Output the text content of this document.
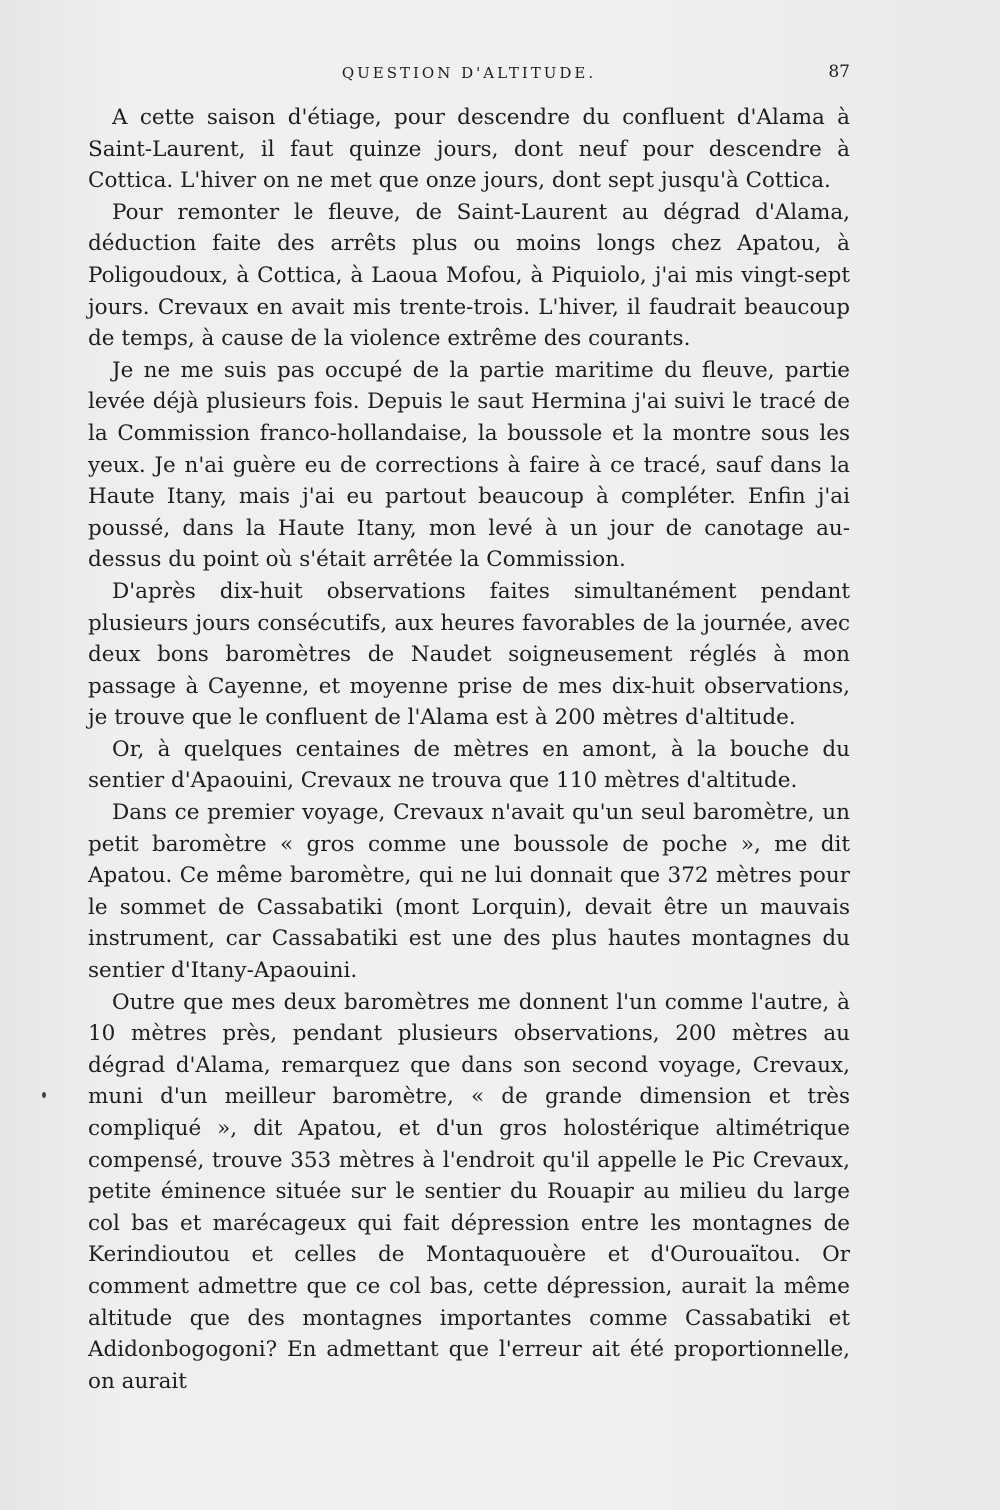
QUESTION D'ALTITUDE.	87

A cette saison d'étiage, pour descendre du confluent d'Alama à Saint-Laurent, il faut quinze jours, dont neuf pour descendre à Cottica. L'hiver on ne met que onze jours, dont sept jusqu'à Cottica.

Pour remonter le fleuve, de Saint-Laurent au dégrad d'Alama, déduction faite des arrêts plus ou moins longs chez Apatou, à Poligoudoux, à Cottica, à Laoua Mofou, à Piquiolo, j'ai mis vingt-sept jours. Crevaux en avait mis trente-trois. L'hiver, il faudrait beaucoup de temps, à cause de la violence extrême des courants.

Je ne me suis pas occupé de la partie maritime du fleuve, partie levée déjà plusieurs fois. Depuis le saut Hermina j'ai suivi le tracé de la Commission franco-hollandaise, la boussole et la montre sous les yeux. Je n'ai guère eu de corrections à faire à ce tracé, sauf dans la Haute Itany, mais j'ai eu partout beaucoup à compléter. Enfin j'ai poussé, dans la Haute Itany, mon levé à un jour de canotage au-dessus du point où s'était arrêtée la Commission.

D'après dix-huit observations faites simultanément pendant plusieurs jours consécutifs, aux heures favorables de la journée, avec deux bons baromètres de Naudet soigneusement réglés à mon passage à Cayenne, et moyenne prise de mes dix-huit observations, je trouve que le confluent de l'Alama est à 200 mètres d'altitude.

Or, à quelques centaines de mètres en amont, à la bouche du sentier d'Apaouini, Crevaux ne trouva que 110 mètres d'altitude.

Dans ce premier voyage, Crevaux n'avait qu'un seul baromètre, un petit baromètre « gros comme une boussole de poche », me dit Apatou. Ce même baromètre, qui ne lui donnait que 372 mètres pour le sommet de Cassabatiki (mont Lorquin), devait être un mauvais instrument, car Cassabatiki est une des plus hautes montagnes du sentier d'Itany-Apaouini.

Outre que mes deux baromètres me donnent l'un comme l'autre, à 10 mètres près, pendant plusieurs observations, 200 mètres au dégrad d'Alama, remarquez que dans son second voyage, Crevaux, muni d'un meilleur baromètre, « de grande dimension et très compliqué », dit Apatou, et d'un gros holostérique altimétrique compensé, trouve 353 mètres à l'endroit qu'il appelle le Pic Crevaux, petite éminence située sur le sentier du Rouapir au milieu du large col bas et marécageux qui fait dépression entre les montagnes de Kerindioutou et celles de Montaquouère et d'Ourouaïtou. Or comment admettre que ce col bas, cette dépression, aurait la même altitude que des montagnes importantes comme Cassabatiki et Adidonbogogoni? En admettant que l'erreur ait été proportionnelle, on aurait
